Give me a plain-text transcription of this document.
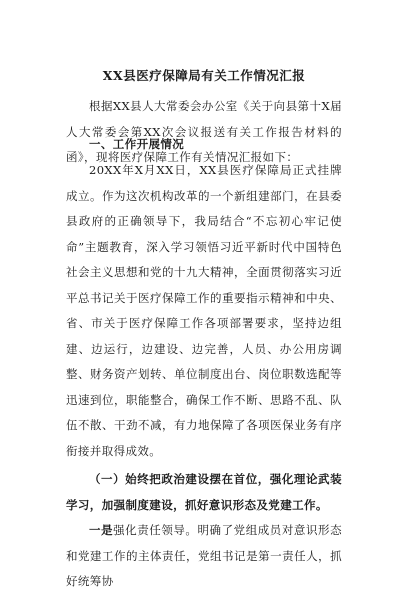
XX县医疗保障局有关工作情况汇报

根据XX县人大常委会办公室《关于向县第十X届人大常委会第XX次会议报送有关工作报告材料的函》，现将医疗保障工作有关情况汇报如下：

一、工作开展情况

20XX年X月XX日，XX县医疗保障局正式挂牌成立。作为这次机构改革的一个新组建部门，在县委县政府的正确领导下，我局结合“不忘初心牢记使命”主题教育，深入学习领悟习近平新时代中国特色社会主义思想和党的十九大精神，全面贯彻落实习近平总书记关于医疗保障工作的重要指示精神和中央、省、市关于医疗保障工作各项部署要求，坚持边组建、边运行，边建设、边完善，人员、办公用房调整、财务资产划转、单位制度出台、岗位职数选配等迅速到位，职能整合，确保工作不断、思路不乱、队伍不散、干劲不减，有力地保障了各项医保业务有序衔接并取得成效。

（一）始终把政治建设摆在首位，强化理论武装学习，加强制度建设，抓好意识形态及党建工作。

一是强化责任领导。明确了党组成员对意识形态和党建工作的主体责任，党组书记是第一责任人，抓好统筹协
